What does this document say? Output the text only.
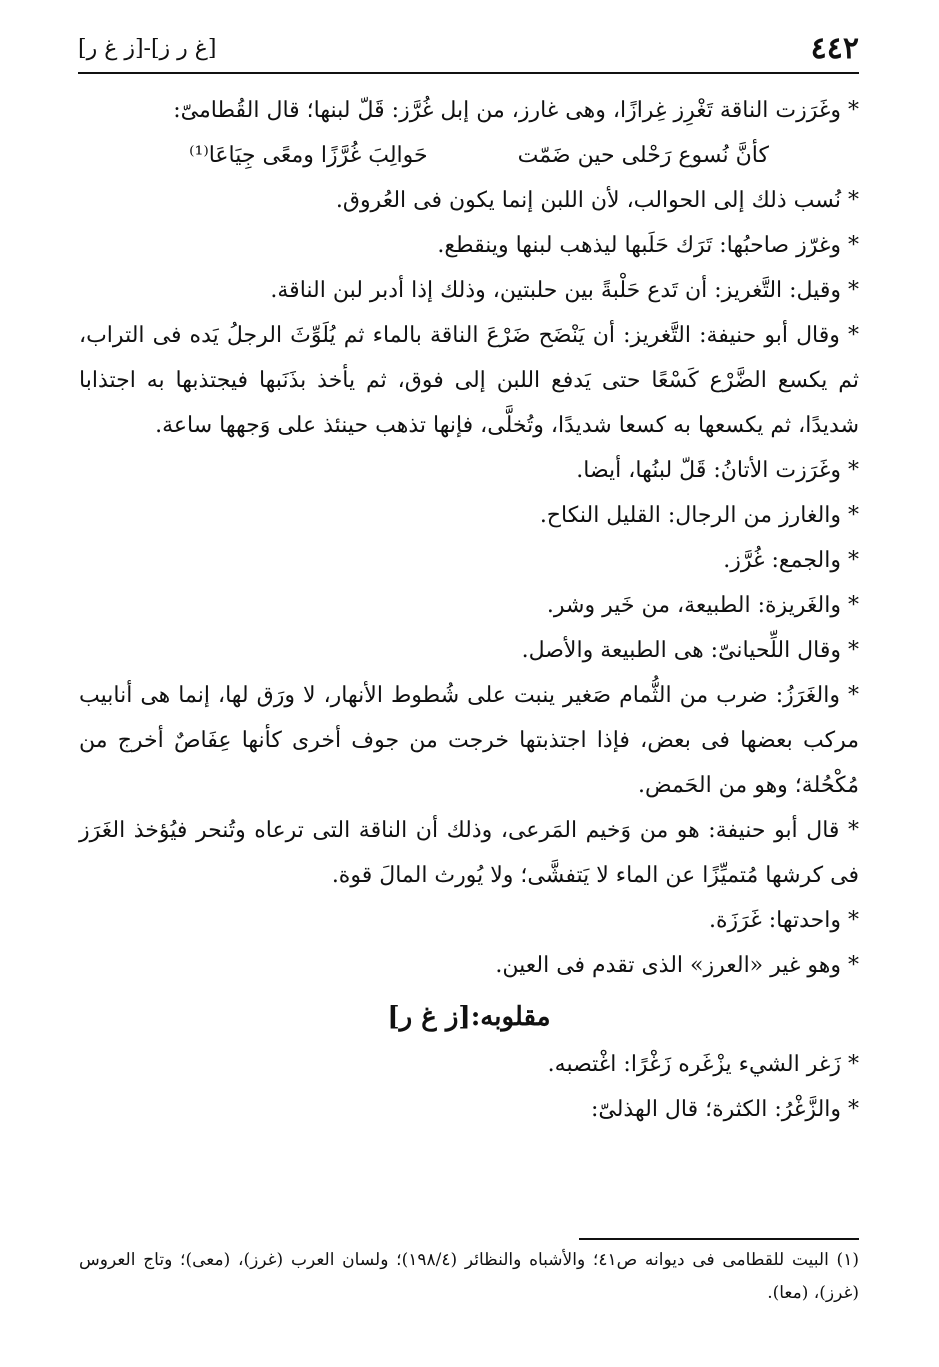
٤٤٢
[غ ر ز]-[ز غ ر]

* وغَرَزت الناقة تَغْرِز غِرازًا، وهى غارز، من إبل غُرَّز: قَلّ لبنها؛ قال القُطامىّ:

كأنَّ نُسوع رَحْلى حين ضَمّت
حَوالِبَ غُرَّزًا ومعًى جِيَاعَا⁽¹⁾

* نُسب ذلك إلى الحوالب، لأن اللبن إنما يكون فى العُروق.

* وغرّز صاحبُها: تَرَك حَلَبها ليذهب لبنها وينقطع.

* وقيل: التَّغريز: أن تَدع حَلْبةً بين حلبتين، وذلك إذا أدبر لبن الناقة.

* وقال أبو حنيفة: التَّغريز: أن يَنْضَح ضَرْعَ الناقة بالماء ثم يُلَوِّثَ الرجلُ يَده فى التراب، ثم يكسع الضَّرْع كَسْعًا حتى يَدفع اللبن إلى فوق، ثم يأخذ بذَنَبها فيجتذبها به اجتذابا شديدًا، ثم يكسعها به كسعا شديدًا، وتُخلَّى، فإنها تذهب حينئذ على وَجهها ساعة.

* وغَرَزت الأتانُ: قَلّ لبنُها، أيضا.

* والغارز من الرجال: القليل النكاح.

* والجمع: غُرَّز.

* والغَريزة: الطبيعة، من خَير وشر.

* وقال اللِّحيانىّ: هى الطبيعة والأصل.

* والغَرَزُ: ضرب من الثُّمام صَغير ينبت على شُطوط الأنهار، لا ورَق لها، إنما هى أنابيب مركب بعضها فى بعض، فإذا اجتذبتها خرجت من جوف أخرى كأنها عِفَاصٌ أخرج من مُكْحُلة؛ وهو من الحَمض.

* قال أبو حنيفة: هو من وَخيم المَرعى، وذلك أن الناقة التى ترعاه وتُنحر فيُؤخذ الغَرَز فى كرشها مُتميِّزًا عن الماء لا يَتفشَّى؛ ولا يُورث المالَ قوة.

* واحدتها: غَرَزَة.

* وهو غير «العرز» الذى تقدم فى العين.

مقلوبه:[ز غ ر]

* زَغر الشيء يزْغَره زَغْرًا: اغْتصبه.

* والزَّغْرُ: الكثرة؛ قال الهذلىّ:

(١) البيت للقطامى فى ديوانه ص٤١؛ والأشباه والنظائر (١٩٨/٤)؛ ولسان العرب (غرز)، (معى)؛ وتاج العروس (غرز)، (معا).
